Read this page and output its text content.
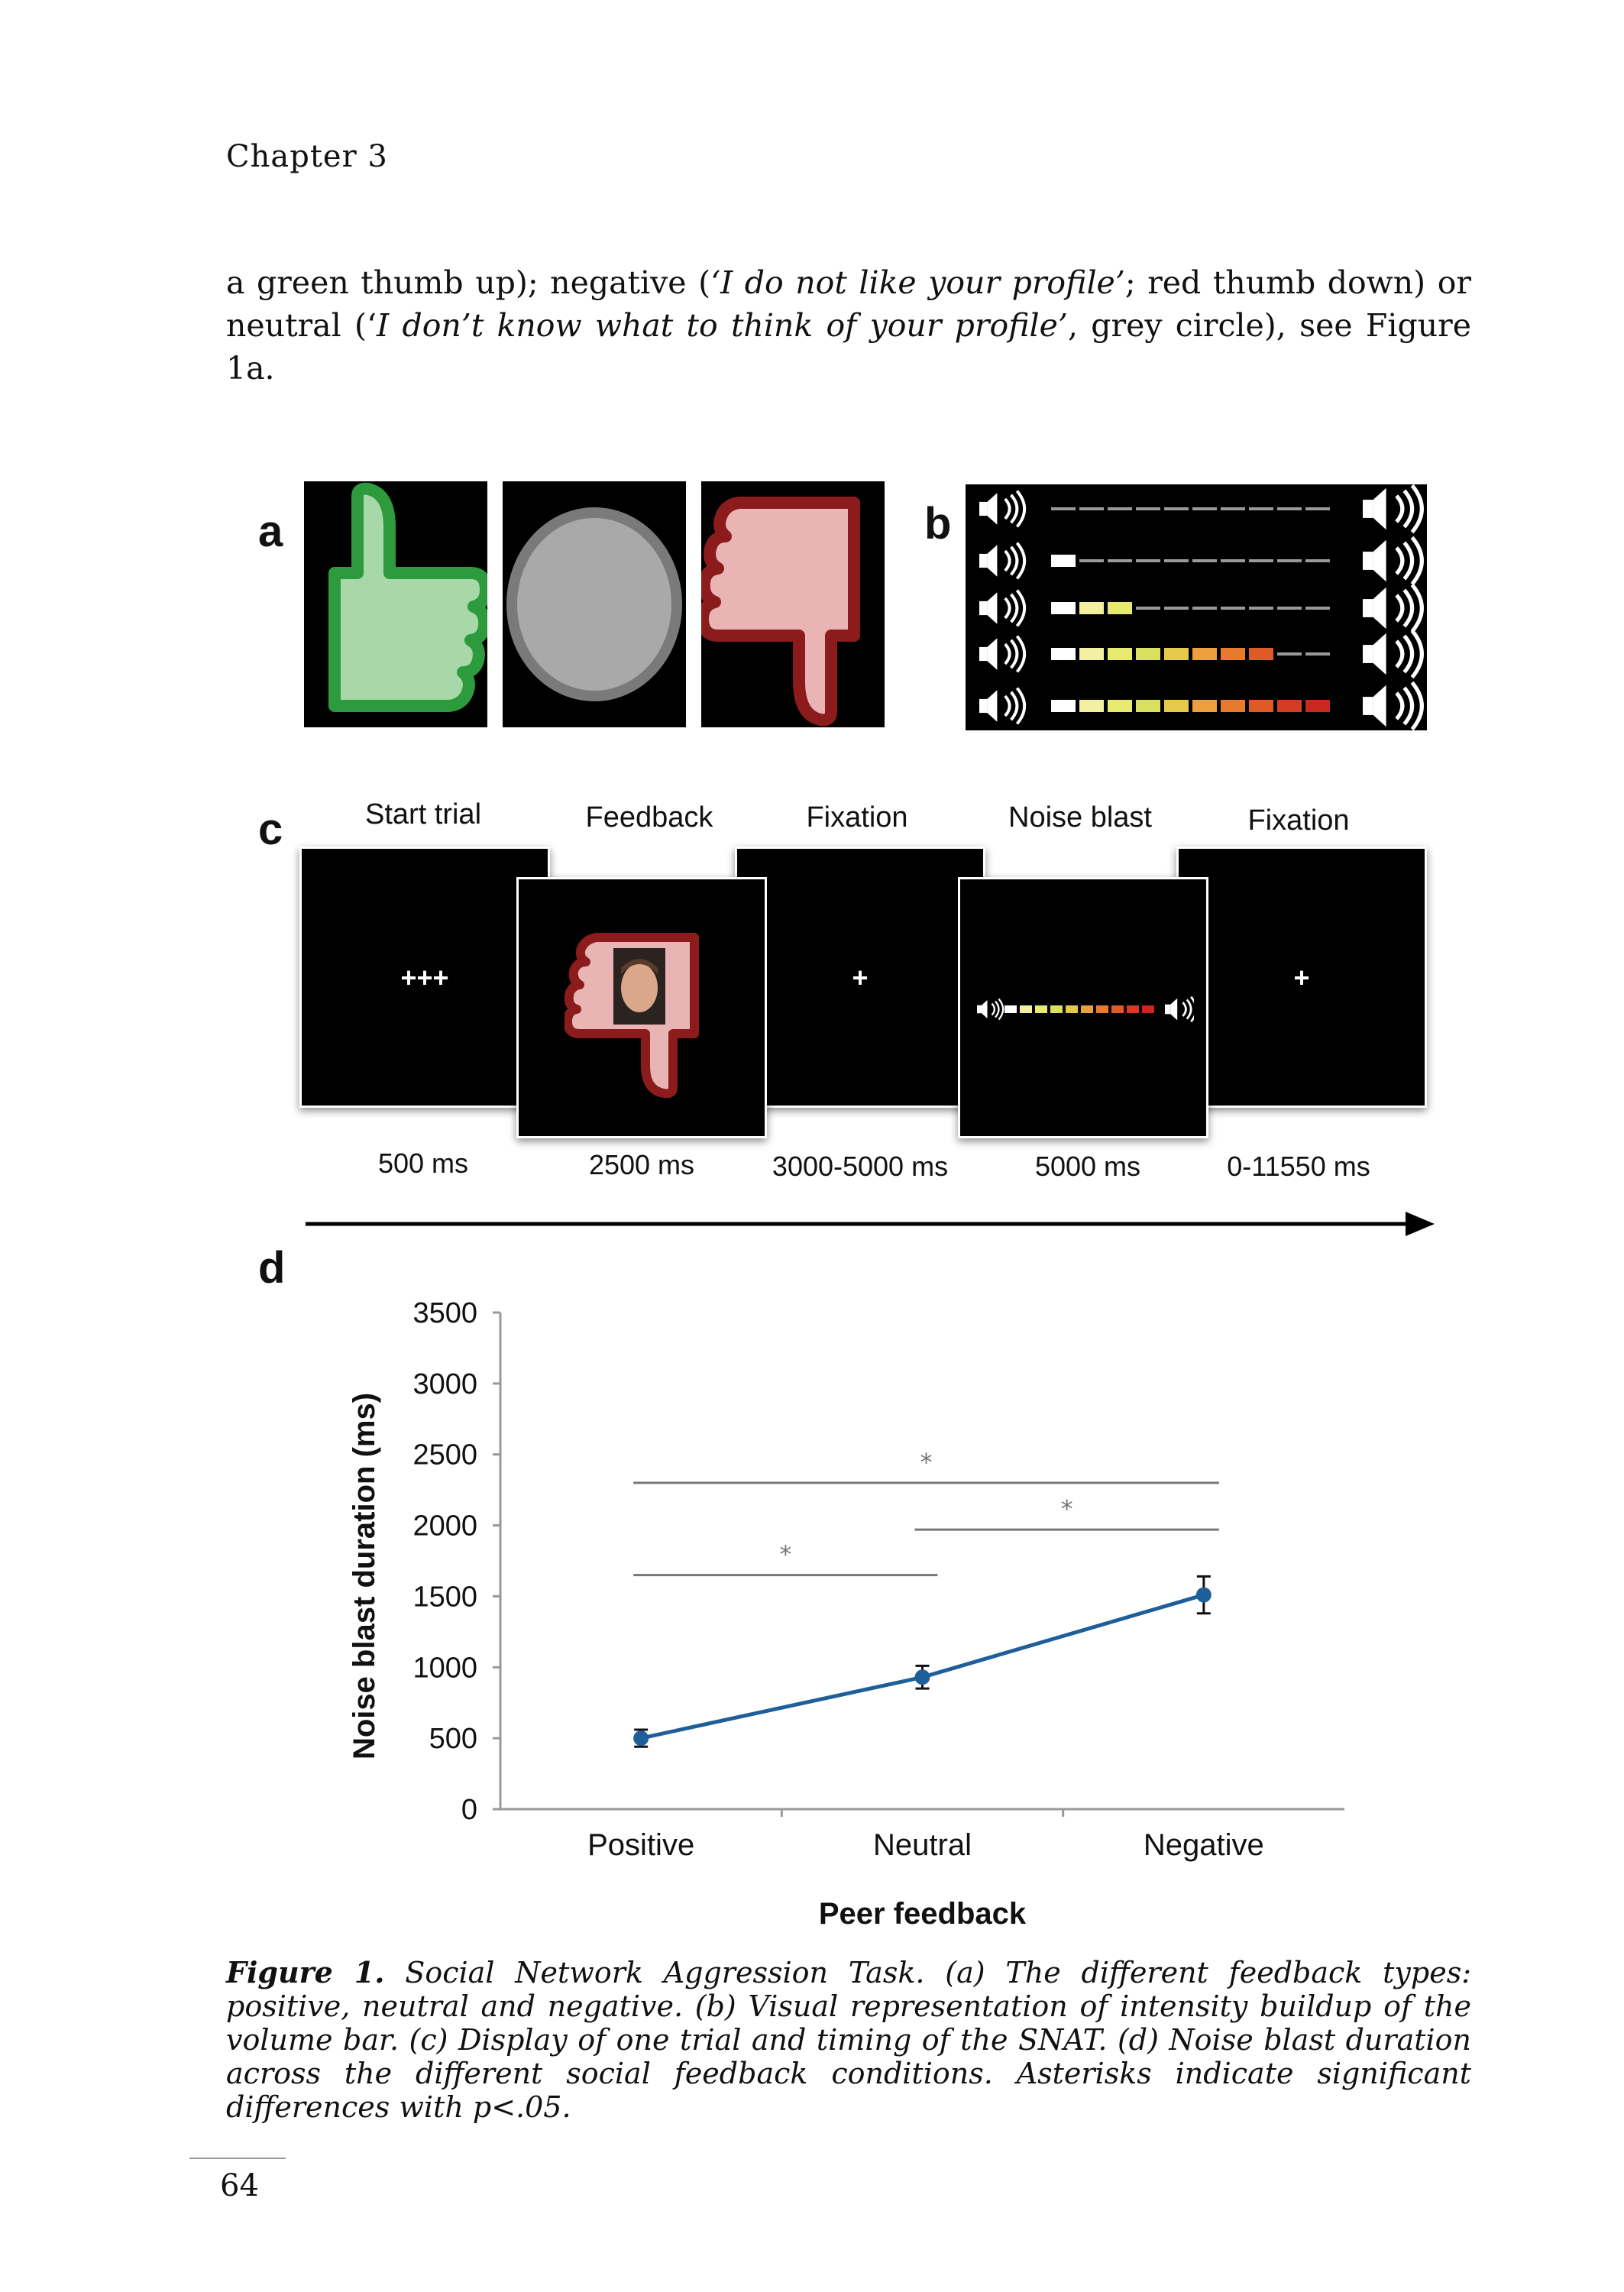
Chapter 3
a green thumb up); negative (‘I do not like your profile’; red thumb down) or neutral (‘I don’t know what to think of your profile’, grey circle), see Figure 1a.
a	b
c	Start trial	Feedback	Fixation	Noise blast	Fixation
+++	+	+
500 ms	2500 ms	3000-5000 ms	5000 ms	0-11550 ms
d
0
500
1000
1500
2000
2500
3000
3500
Positive	Neutral	Negative
Peer feedback
Noise blast duration (ms)	*
*
*
Figure 1. Social Network Aggression Task. (a) The different feedback types: positive, neutral and negative. (b) Visual representation of intensity buildup of the volume bar. (c) Display of one trial and timing of the SNAT. (d) Noise blast duration across the different social feedback conditions. Asterisks indicate significant differences with p<.05.
64
